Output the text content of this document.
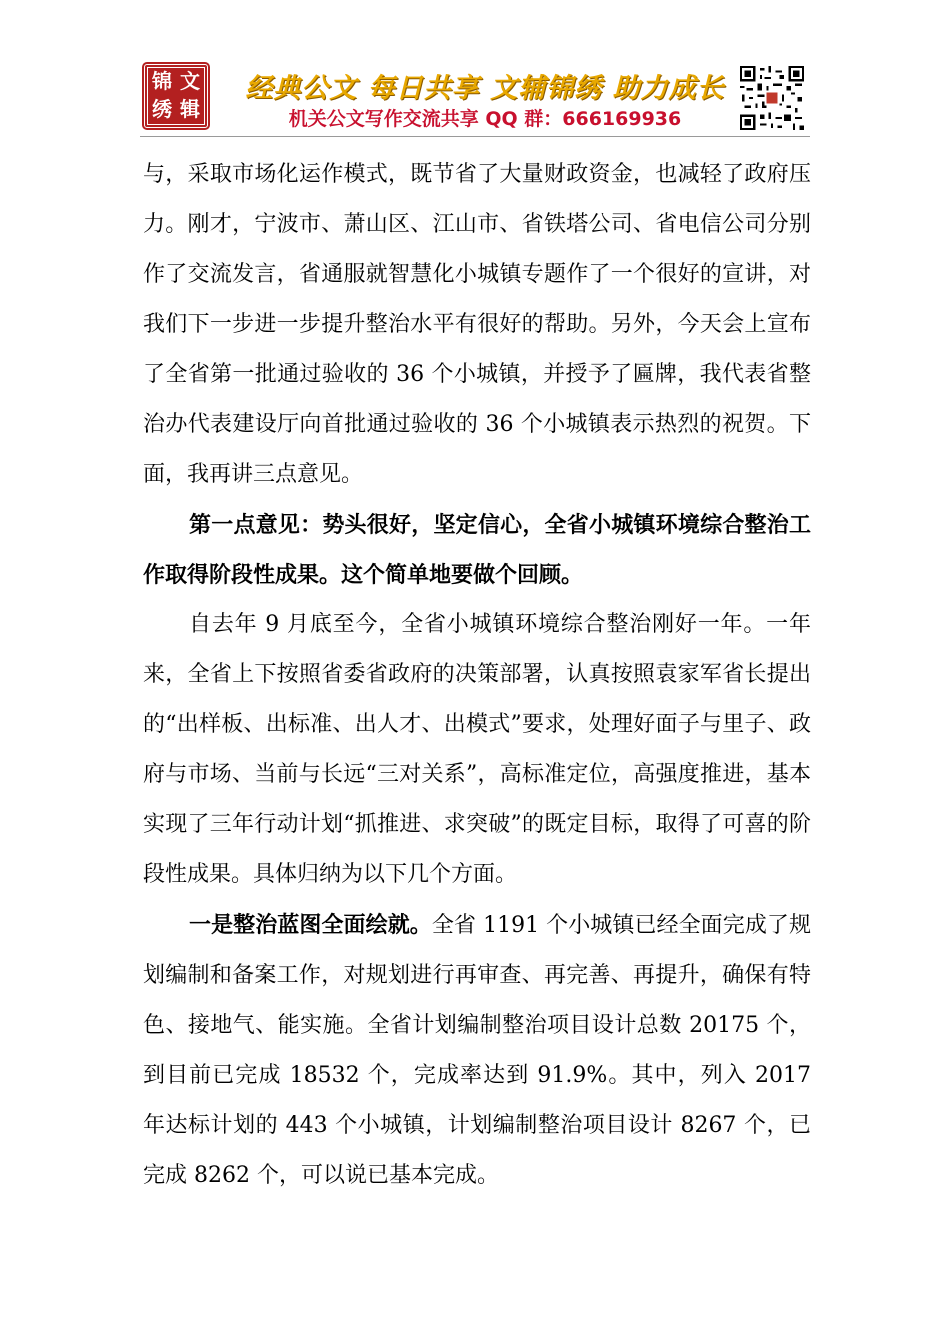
锦 文
绣 辑
经典公文 每日共享 文辅锦绣 助力成长
机关公文写作交流共享 QQ 群：666169936

与，采取市场化运作模式，既节省了大量财政资金，也减轻了政府压力。刚才，宁波市、萧山区、江山市、省铁塔公司、省电信公司分别作了交流发言，省通服就智慧化小城镇专题作了一个很好的宣讲，对我们下一步进一步提升整治水平有很好的帮助。另外，今天会上宣布了全省第一批通过验收的 36 个小城镇，并授予了匾牌，我代表省整治办代表建设厅向首批通过验收的 36 个小城镇表示热烈的祝贺。下面，我再讲三点意见。

第一点意见：势头很好，坚定信心，全省小城镇环境综合整治工作取得阶段性成果。这个简单地要做个回顾。

自去年 9 月底至今，全省小城镇环境综合整治刚好一年。一年来，全省上下按照省委省政府的决策部署，认真按照袁家军省长提出的“出样板、出标准、出人才、出模式”要求，处理好面子与里子、政府与市场、当前与长远“三对关系”，高标准定位，高强度推进，基本实现了三年行动计划“抓推进、求突破”的既定目标，取得了可喜的阶段性成果。具体归纳为以下几个方面。

一是整治蓝图全面绘就。全省 1191 个小城镇已经全面完成了规划编制和备案工作，对规划进行再审查、再完善、再提升，确保有特色、接地气、能实施。全省计划编制整治项目设计总数 20175 个，到目前已完成 18532 个，完成率达到 91.9%。其中，列入 2017 年达标计划的 443 个小城镇，计划编制整治项目设计 8267 个，已完成 8262 个，可以说已基本完成。
